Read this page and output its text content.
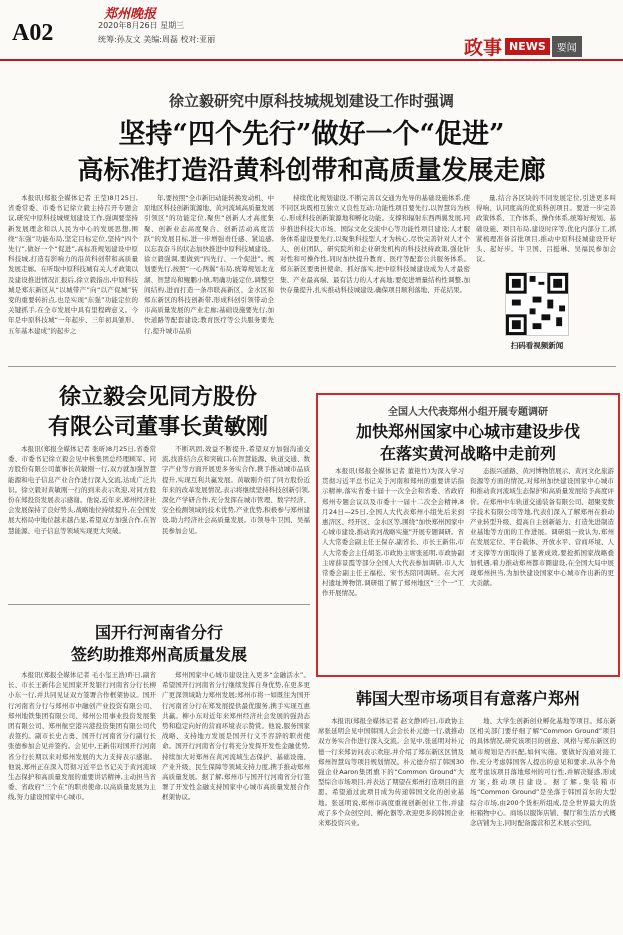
A02
郑州晚报
2020年8月26日 星期三
统筹:孙友文 美编:周磊 校对:亚丽	政事 NEWS	要闻
徐立毅研究中原科技城规划建设工作时强调
坚持“四个先行”做好一个“促进”
高标准打造沿黄科创带和高质量发展走廊

本报讯(郑报全媒体记者 王莹)8月25日,省委常委、市委书记徐立毅主持召开专题会议,研究中原科技城规划建设工作,强调要坚持新发展理念和以人民为中心的发展思想,围绕“东强”功能布局,坚定目标定位,坚持“四个先行”,做好一个“促进”,高标准规划建设中原科技城,打造有影响力的沿黄科创带和高质量发展走廊。在听取中原科技城有关人才政策以及建设推进情况汇报后,徐立毅指出,中原科技城是郑东新区从“以城带产”向“以产促城”转变的重要转折点,也是实现“东强”功能定位的关键抓手,在全市发展中具有里程碑意义。今年是中原科技城“一年起步、三年初具雏形、五年基本建成”的起步之

年,要按照“全市新旧动能转换发动机、中原地区科技创新策源地、黄河流域高质量发展引领区”的功能定位,聚焦“创新人才高度集聚、创新业态高度聚合、创新活动高度活跃”的发展目标,进一步增强责任感、紧迫感,以忘我奋斗的状态加快推进中原科技城建设。徐立毅强调,要做到“四先行、一个促进”。规划要先行,按照“一心两翼”布局,统筹规划北龙湖、智慧岛和鲲鹏小镇,明确功能定位,调整空间结构,进而打造一条串联高新区、金水区和郑东新区的科技创新带,形成科创引领带动全市高质量发展的产业走廊;基础设施要先行,加快道路等配套建设;教育医疗等公共服务要先行,提升城市品质

持续优化规划建设,不断完善以交通为先导的基础设施体系,使不同区块既相互独立又良性互动;功能性项目要先行,以智慧岛为核心,形成科技创新策源地和孵化功能。支撑和辐射东西两翼发展,同步推进科技大市场、国际文化交流中心等功能性项目建设;人才服务体系建设要先行,以聚集科技型人才为核心,尽快完善针对人才个人、创业团队、研究院所和企业研发机构的科技扶持政策,强化针对性和可操作性,同时加快提升教育、医疗等配套公共服务体系。郑东新区要勇担使命、抓好落实,把中原科技城建设成为人才最密集、产业最高端、最有活力的人才高地;要促进增量结构性调整,加快存量提升,扎实推动科技城建设,确保项目顺利落地、开花结果。

量,结合各区块的不同发展定位,引进更多叫得响、认同度高的优质科创项目。要进一步完善政策体系、工作体系、操作体系,统筹好规划、基础设施、项目布局,建设时序等,优化内部分工,抓紧梳理准备首批项目,推动中原科技城建设开好头、起好步。牛卫国、吕挺琳、吴福民参加会议。

扫码看视频新闻
徐立毅会见同方股份
有限公司董事长黄敏刚

本报讯(郑报全媒体记者 张昕)8月25日,省委常委、市委书记徐立毅会见中核集团总经理顾军、同方股份有限公司董事长黄敏刚一行,双方就加强智慧能源和电子信息产业合作进行深入交流,达成广泛共识。徐立毅对黄敏刚一行的到来表示欢迎,对同方股份在郑投资发展表示感谢。他说,近年来,郑州经济社会发展保持了良好势头,战略地位持续提升,在全国发展大格局中地位越来越凸显,希望双方加强合作,在智慧能源、电子信息等领域实现更大突破。

不断巩固,效益不断提升,希望双方加强沟通交流,找准结合点和突破口,在智慧能源、轨道交通、数字产业等方面开展更多务实合作,携手推动城市品质提升,实现互利共赢发展。黄敏刚介绍了同方股份近年来的改革发展情况,表示将继续坚持科技创新引领,深化产学研合作,充分发挥在城市管理、数字经济、安全检测领域的技术优势,产业优势,积极参与郑州建设,助力经济社会高质量发展。市领导牛卫国、吴福民参加会见。

国开行河南省分行
签约助推郑州高质量发展

本报讯(郑报全媒体记者 毛小玺王浩)昨日,副省长、市长王新伟会见国家开发银行河南省分行长柳小东一行,并共同见证双方签署合作框架协议。国开行河南省分行与郑州市中融创产业投资有限公司、郑州地铁集团有限公司、郑州公用事业投资发展集团有限公司、郑州航空港兴港投资集团有限公司代表签约。副市长史占勇、国开行河南省分行副行长张德参加会见并签约。会见中,王新伟对国开行河南省分行长期以来对郑州发展的大力支持表示感谢。他说,郑州正在深入贯彻习近平总书记关于黄河流域生态保护和高质量发展的重要讲话精神,主动担当省委、省政府“三个在”的职责使命,以高质量发展为主线,努力建设国家中心城市。

郑州国家中心城市建设注入更多“金融活水”。希望国开行河南省分行继续发挥自身优势,在更多更广更深领域助力郑州发展;郑州市将一如既往为国开行河南省分行在郑发展提供最优服务,携手实现互惠共赢。柳小东对近年来郑州经济社会发展的强劲态势和稳定向好的营商环境表示赞赏。他说,服务国家战略、支持地方发展是国开行义不容辞的职责使命。国开行河南省分行将充分发挥开发性金融优势,持续加大对郑州在黄河流域生态保护、基础设施、产业升级、民生保障等领域支持力度,携手推动郑州高质量发展。据了解,郑州市与国开行河南省分行签署了开发性金融支持国家中心城市高质量发展合作框架协议。

全国人大代表郑州小组开展专题调研
加快郑州国家中心城市建设步伐
在落实黄河战略中走前列

本报讯(郑报全媒体记者 董艳竹)为深入学习贯彻习近平总书记关于河南和郑州的重要讲话指示精神,落实省委十届十一次全会和省委、省政府郑州专题会议以及市委十一届十二次全会精神,8月24日—25日,全国人大代表郑州小组先后来到惠济区、经开区、金水区等,围绕“加快郑州国家中心城市建设,推动黄河战略实施”开展专题调研。省人大常委会副主任王保存,副省长、市长王新伟,市人大常委会主任胡荃,市政协主席张延明,市政协副主席薛景霞等部分全国人大代表参加调研,市人大常委会副主任王福松、宋书杰陪同调研。在大河村遗址博物馆,调研组了解了郑州地区“三个一”工作开展情况。

态振兴道路、黄河博物馆展示、黄河文化旅游资源等方面的情况,对郑州加快建设国家中心城市和推动黄河流域生态保护和高质量发展给予高度评价。在郑州中车轨道交通装备有限公司、超聚变数字技术有限公司等地,代表们深入了解郑州在推动产业转型升级、提高自主创新能力、打造先进制造业基地等方面的工作进展。调研组一致认为,郑州在发展定位、平台载体、开放水平、营商环境、人才支撑等方面取得了显著成效,要抢抓国家战略叠加机遇,着力推动郑州都市圈建设,在全国大局中展现郑州担当,为加快建设国家中心城市作出新的更大贡献。

韩国大型市场项目有意落户郑州

本报讯(郑报全媒体记者 赵文静)昨日,市政协主席张延明会见中国韩国人会会长朴元德一行,就推动双方务实合作进行深入交流。会见中,张延明对朴元德一行来郑访问表示欢迎,并介绍了郑东新区区情及郑州智慧岛等项目规划情况。朴元德介绍了韩国30强企业Aaron集团旗下的“Common Ground”大型综合市场项目,并表达了期望在郑州打造项目的意愿。希望通过此项目成为传递韩国文化的创业基地。张延明说,郑州市高度重视创新创业工作,并建成了多个众创空间、孵化器等,欢迎更多的韩国企业来郑投资兴业。

地、大学生创新创业孵化基地等项目。郑东新区相关部门要仔细了解“Common Ground”项目的具体情况,研究该项目的创意、风格与郑东新区的城市规划是否匹配,如何实施。要做好沟通对接工作,充分考虑韩国客人提出的意见和要求,从各个角度考虑该项目落地郑州的可行性,并解决疑惑,形成方案,推动项目建设。据了解,集装箱市场“Common Ground”是坐落于韩国首尔的大型综合市场,由200个货柜所组成,是全世界最大的货柜箱物中心。商场以服饰店铺、餐厅和生活方式概念店铺为主,同时配备露营和艺术展示空间。
